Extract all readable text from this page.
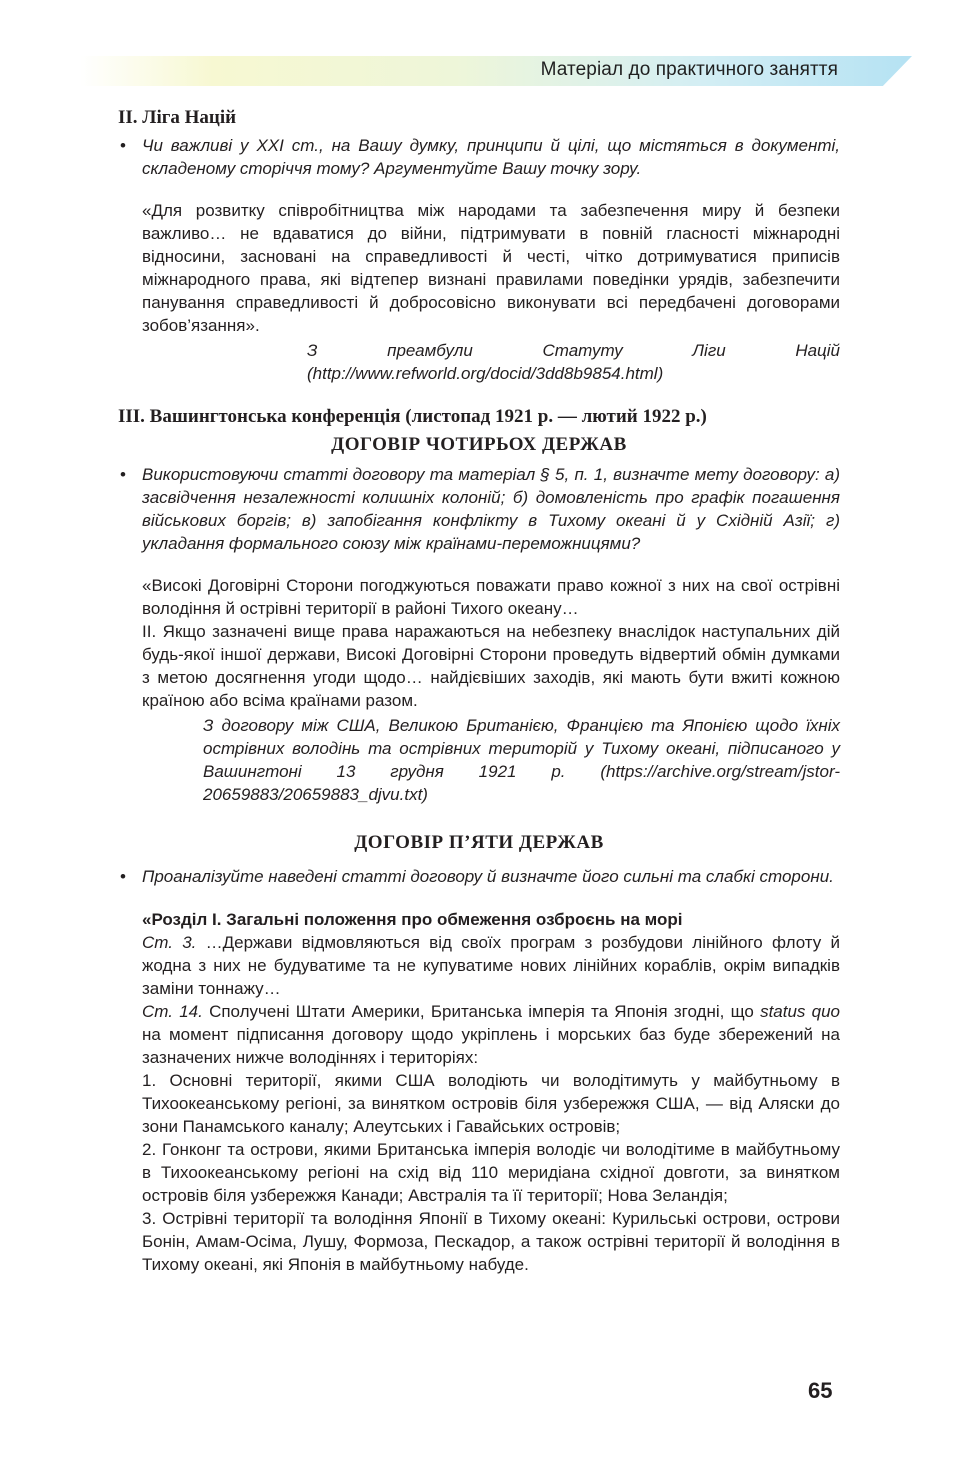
Матеріал до практичного заняття
ІІ. Ліга Націй
• Чи важливі у ХХІ ст., на Вашу думку, принципи й цілі, що містяться в документі, складеному сторіччя тому? Аргументуйте Вашу точку зору.

«Для розвитку співробітництва між народами та забезпечення миру й безпеки важливо… не вдаватися до війни, підтримувати в повній гласності міжнародні відносини, засновані на справедливості й честі, чітко дотримуватися приписів міжнародного права, які відтепер визнані правилами поведінки урядів, забезпечити панування справедливості й добросовісно виконувати всі передбачені договорами зобов’язання».

З преамбули Статуту Ліги Націй (http://www.refworld.org/docid/3dd8b9854.html)
ІІІ. Вашингтонська конференція (листопад 1921 р. — лютий 1922 р.)
ДОГОВІР ЧОТИРЬОХ ДЕРЖАВ
• Використовуючи статті договору та матеріал § 5, п. 1, визначте мету договору: а) засвідчення незалежності колишніх колоній; б) домовленість про графік погашення військових боргів; в) запобігання конфлікту в Тихому океані й у Східній Азії; г) укладання формального союзу між країнами-переможницями?

«Високі Договірні Сторони погоджуються поважати право кожної з них на свої острівні володіння й острівні території в районі Тихого океану…

ІІ. Якщо зазначені вище права наражаються на небезпеку внаслідок наступальних дій будь-якої іншої держави, Високі Договірні Сторони проведуть відвертий обмін думками з метою досягнення угоди щодо… найдієвіших заходів, які мають бути вжиті кожною країною або всіма країнами разом.

З договору між США, Великою Британією, Францією та Японією щодо їхніх острівних володінь та острівних територій у Тихому океані, підписаного у Вашингтоні 13 грудня 1921 р. (https://archive.org/stream/jstor-20659883/20659883_djvu.txt)
ДОГОВІР П’ЯТИ ДЕРЖАВ
• Проаналізуйте наведені статті договору й визначте його сильні та слабкі сторони.

«Розділ І. Загальні положення про обмеження озброєнь на морі

Ст. 3. …Держави відмовляються від своїх програм з розбудови лінійного флоту й жодна з них не будуватиме та не купуватиме нових лінійних кораблів, окрім випадків заміни тоннажу…

Ст. 14. Сполучені Штати Америки, Британська імперія та Японія згодні, що status quo на момент підписання договору щодо укріплень і морських баз буде збережений на зазначених нижче володіннях і територіях:

1. Основні території, якими США володіють чи володітимуть у майбутньому в Тихоокеанському регіоні, за винятком островів біля узбережжя США, — від Аляски до зони Панамського каналу; Алеутських і Гавайських островів;

2. Гонконг та острови, якими Британська імперія володіє чи володітиме в майбутньому в Тихоокеанському регіоні на схід від 110 меридіана східної довготи, за винятком островів біля узбережжя Канади; Австралія та її території; Нова Зеландія;

3. Острівні території та володіння Японії в Тихому океані: Курильські острови, острови Бонін, Амам-Осіма, Лушу, Формоза, Пескадор, а також острівні території й володіння в Тихому океані, які Японія в майбутньому набуде.

65
